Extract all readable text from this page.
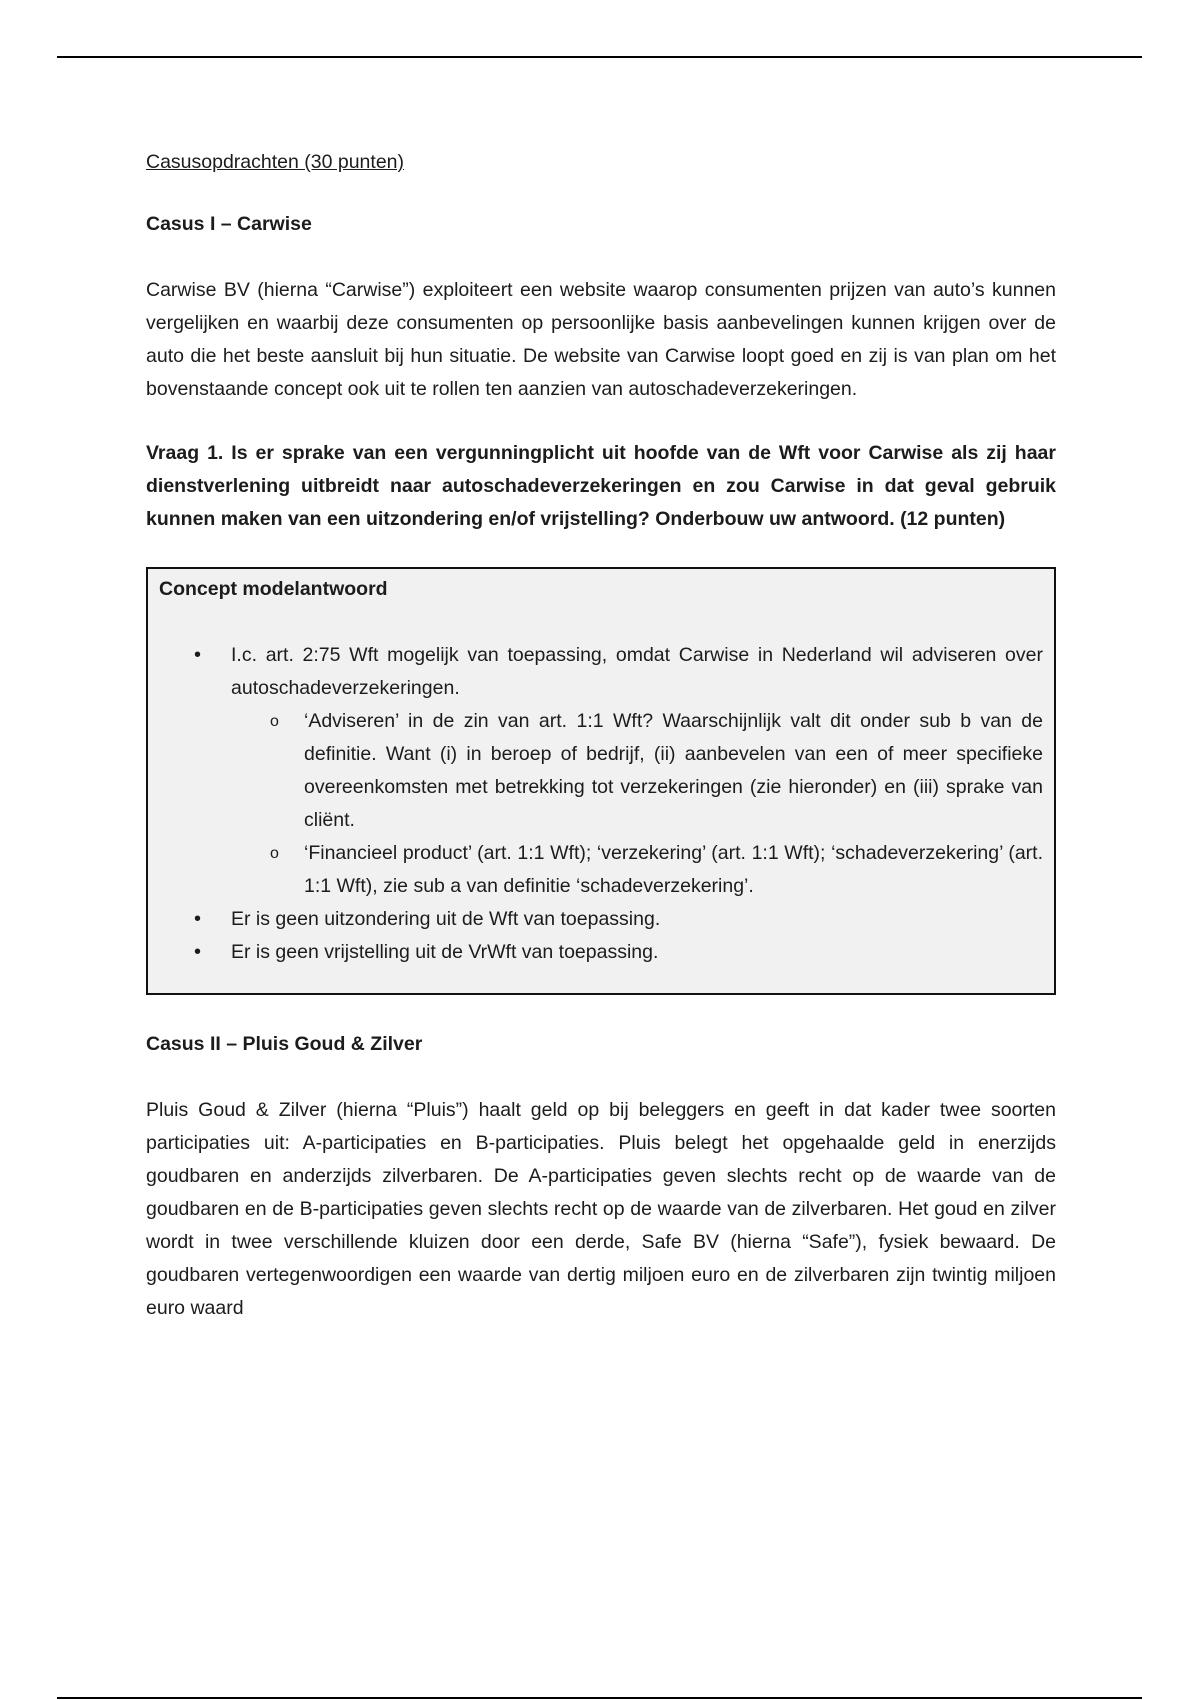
Casusopdrachten (30 punten)
Casus I – Carwise
Carwise BV (hierna “Carwise”) exploiteert een website waarop consumenten prijzen van auto’s kunnen vergelijken en waarbij deze consumenten op persoonlijke basis aanbevelingen kunnen krijgen over de auto die het beste aansluit bij hun situatie. De website van Carwise loopt goed en zij is van plan om het bovenstaande concept ook uit te rollen ten aanzien van autoschadeverzekeringen.
Vraag 1. Is er sprake van een vergunningplicht uit hoofde van de Wft voor Carwise als zij haar dienstverlening uitbreidt naar autoschadeverzekeringen en zou Carwise in dat geval gebruik kunnen maken van een uitzondering en/of vrijstelling? Onderbouw uw antwoord. (12 punten)
Concept modelantwoord
• I.c. art. 2:75 Wft mogelijk van toepassing, omdat Carwise in Nederland wil adviseren over autoschadeverzekeringen.
o ‘Adviseren’ in de zin van art. 1:1 Wft? Waarschijnlijk valt dit onder sub b van de definitie. Want (i) in beroep of bedrijf, (ii) aanbevelen van een of meer specifieke overeenkomsten met betrekking tot verzekeringen (zie hieronder) en (iii) sprake van cliënt.
o ‘Financieel product’ (art. 1:1 Wft); ‘verzekering’ (art. 1:1 Wft); ‘schadeverzekering’ (art. 1:1 Wft), zie sub a van definitie ‘schadeverzekering’.
• Er is geen uitzondering uit de Wft van toepassing.
• Er is geen vrijstelling uit de VrWft van toepassing.
Casus II – Pluis Goud & Zilver
Pluis Goud & Zilver (hierna “Pluis”) haalt geld op bij beleggers en geeft in dat kader twee soorten participaties uit: A-participaties en B-participaties. Pluis belegt het opgehaalde geld in enerzijds goudbaren en anderzijds zilverbaren. De A-participaties geven slechts recht op de waarde van de goudbaren en de B-participaties geven slechts recht op de waarde van de zilverbaren. Het goud en zilver wordt in twee verschillende kluizen door een derde, Safe BV (hierna “Safe”), fysiek bewaard. De goudbaren vertegenwoordigen een waarde van dertig miljoen euro en de zilverbaren zijn twintig miljoen euro waard
